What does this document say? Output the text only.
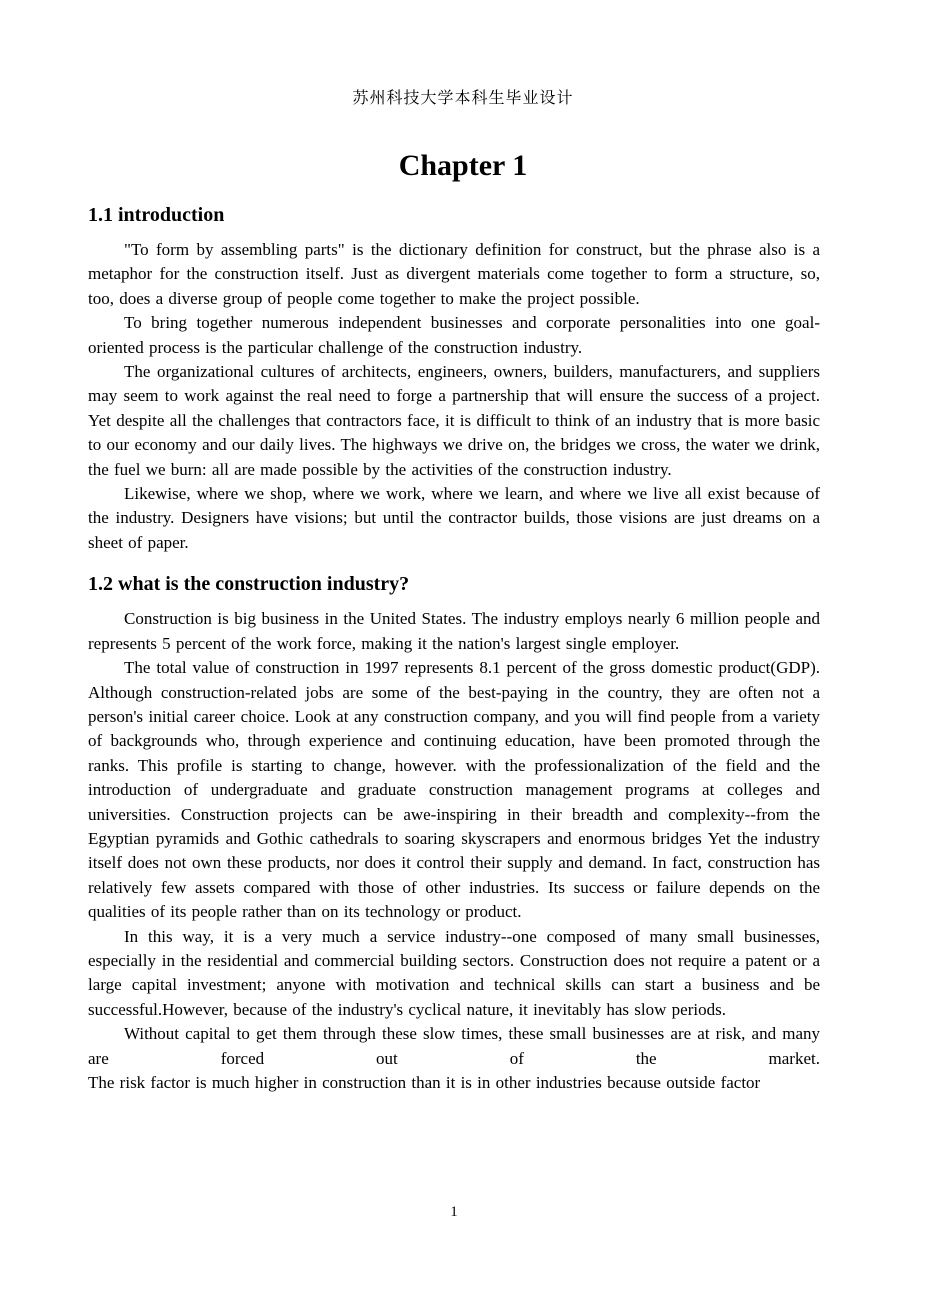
苏州科技大学本科生毕业设计
Chapter 1
1.1 introduction

"To form by assembling parts" is the dictionary definition for construct, but the phrase also is a metaphor for the construction itself. Just as divergent materials come together to form a structure, so, too, does a diverse group of people come together to make the project possible.

To bring together numerous independent businesses and corporate personalities into one goal-oriented process is the particular challenge of the construction industry.

The organizational cultures of architects, engineers, owners, builders, manufacturers, and suppliers may seem to work against the real need to forge a partnership that will ensure the success of a project. Yet despite all the challenges that contractors face, it is difficult to think of an industry that is more basic to our economy and our daily lives. The highways we drive on, the bridges we cross, the water we drink, the fuel we burn: all are made possible by the activities of the construction industry.

Likewise, where we shop, where we work, where we learn, and where we live all exist because of the industry. Designers have visions; but until the contractor builds, those visions are just dreams on a sheet of paper.

1.2 what is the construction industry?

Construction is big business in the United States. The industry employs nearly 6 million people and represents 5 percent of the work force, making it the nation's largest single employer.

The total value of construction in 1997 represents 8.1 percent of the gross domestic product(GDP). Although construction-related jobs are some of the best-paying in the country, they are often not a person's initial career choice. Look at any construction company, and you will find people from a variety of backgrounds who, through experience and continuing education, have been promoted through the ranks. This profile is starting to change, however. with the professionalization of the field and the introduction of undergraduate and graduate construction management programs at colleges and universities. Construction projects can be awe-inspiring in their breadth and complexity--from the Egyptian pyramids and Gothic cathedrals to soaring skyscrapers and enormous bridges Yet the industry itself does not own these products, nor does it control their supply and demand. In fact, construction has relatively few assets compared with those of other industries. Its success or failure depends on the qualities of its people rather than on its technology or product.

In this way, it is a very much a service industry--one composed of many small businesses, especially in the residential and commercial building sectors. Construction does not require a patent or a large capital investment; anyone with motivation and technical skills can start a business and be successful.However, because of the industry's cyclical nature, it inevitably has slow periods.

Without capital to get them through these slow times, these small businesses are at risk, and many are forced out of the market.

The risk factor is much higher in construction than it is in other industries because outside factor

1
